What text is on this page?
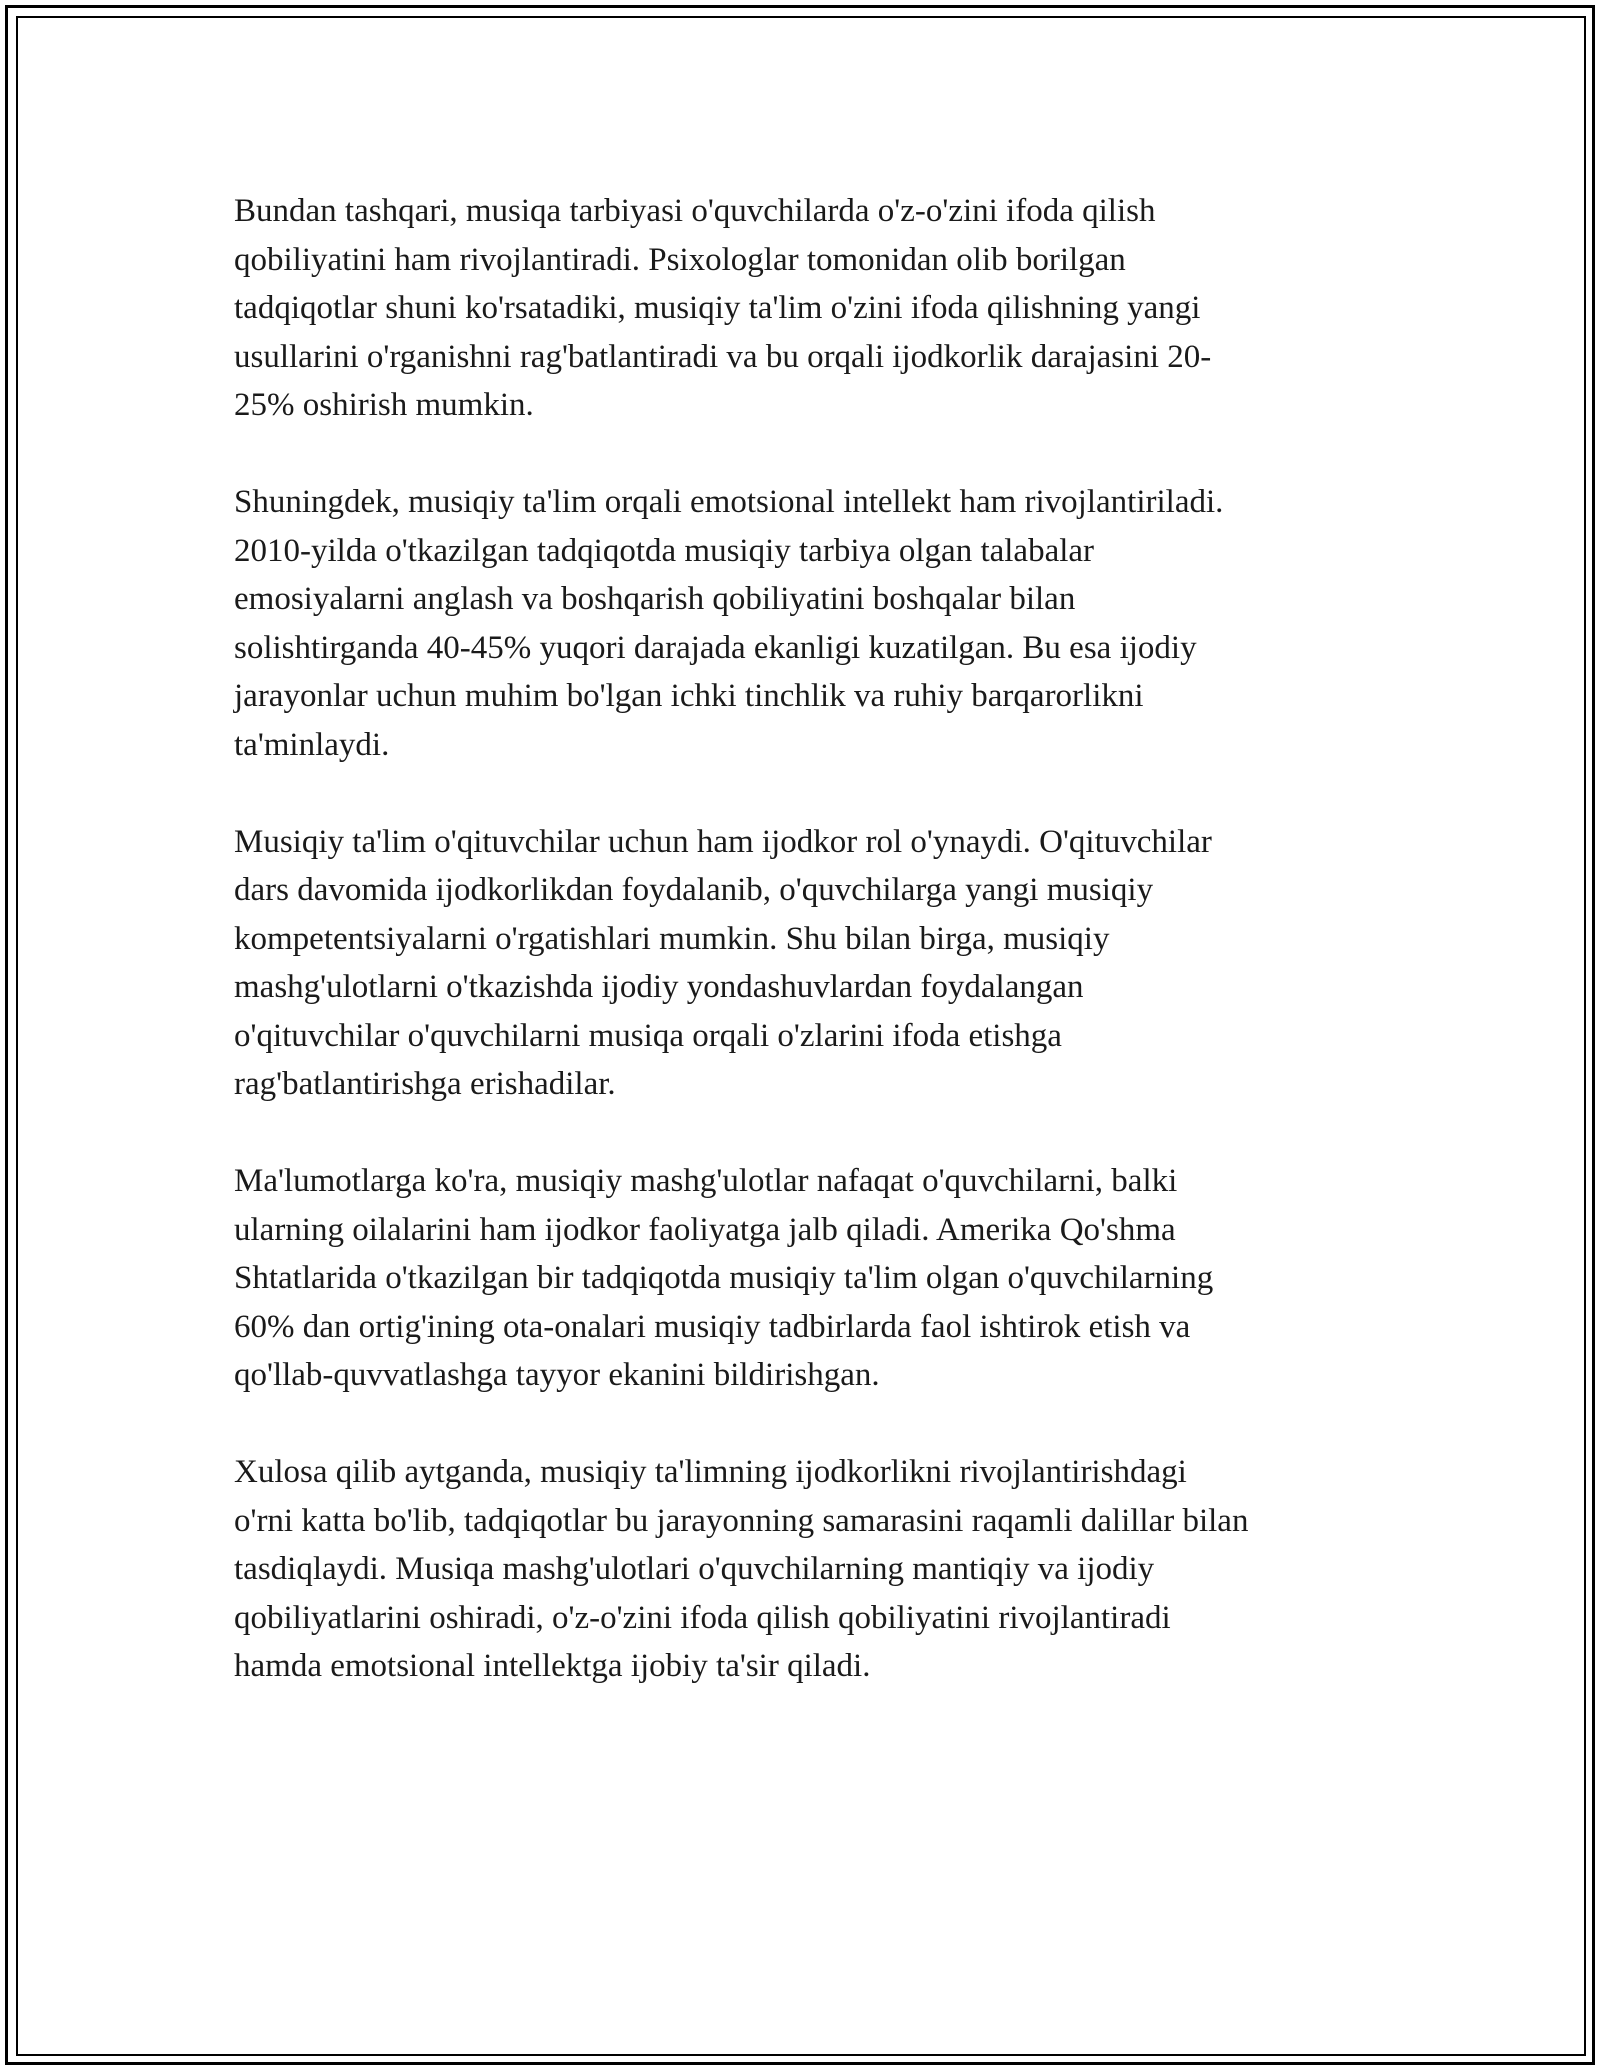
Bundan tashqari, musiqa tarbiyasi o'quvchilarda o'z-o'zini ifoda qilish
qobiliyatini ham rivojlantiradi. Psixologlar tomonidan olib borilgan
tadqiqotlar shuni ko'rsatadiki, musiqiy ta'lim o'zini ifoda qilishning yangi
usullarini o'rganishni rag'batlantiradi va bu orqali ijodkorlik darajasini 20-
25% oshirish mumkin.

Shuningdek, musiqiy ta'lim orqali emotsional intellekt ham rivojlantiriladi.
2010-yilda o'tkazilgan tadqiqotda musiqiy tarbiya olgan talabalar
emosiyalarni anglash va boshqarish qobiliyatini boshqalar bilan
solishtirganda 40-45% yuqori darajada ekanligi kuzatilgan. Bu esa ijodiy
jarayonlar uchun muhim bo'lgan ichki tinchlik va ruhiy barqarorlikni
ta'minlaydi.

Musiqiy ta'lim o'qituvchilar uchun ham ijodkor rol o'ynaydi. O'qituvchilar
dars davomida ijodkorlikdan foydalanib, o'quvchilarga yangi musiqiy
kompetentsiyalarni o'rgatishlari mumkin. Shu bilan birga, musiqiy
mashg'ulotlarni o'tkazishda ijodiy yondashuvlardan foydalangan
o'qituvchilar o'quvchilarni musiqa orqali o'zlarini ifoda etishga
rag'batlantirishga erishadilar.

Ma'lumotlarga ko'ra, musiqiy mashg'ulotlar nafaqat o'quvchilarni, balki
ularning oilalarini ham ijodkor faoliyatga jalb qiladi. Amerika Qo'shma
Shtatlarida o'tkazilgan bir tadqiqotda musiqiy ta'lim olgan o'quvchilarning
60% dan ortig'ining ota-onalari musiqiy tadbirlarda faol ishtirok etish va
qo'llab-quvvatlashga tayyor ekanini bildirishgan.

Xulosa qilib aytganda, musiqiy ta'limning ijodkorlikni rivojlantirishdagi
o'rni katta bo'lib, tadqiqotlar bu jarayonning samarasini raqamli dalillar bilan
tasdiqlaydi. Musiqa mashg'ulotlari o'quvchilarning mantiqiy va ijodiy
qobiliyatlarini oshiradi, o'z-o'zini ifoda qilish qobiliyatini rivojlantiradi
hamda emotsional intellektga ijobiy ta'sir qiladi.
